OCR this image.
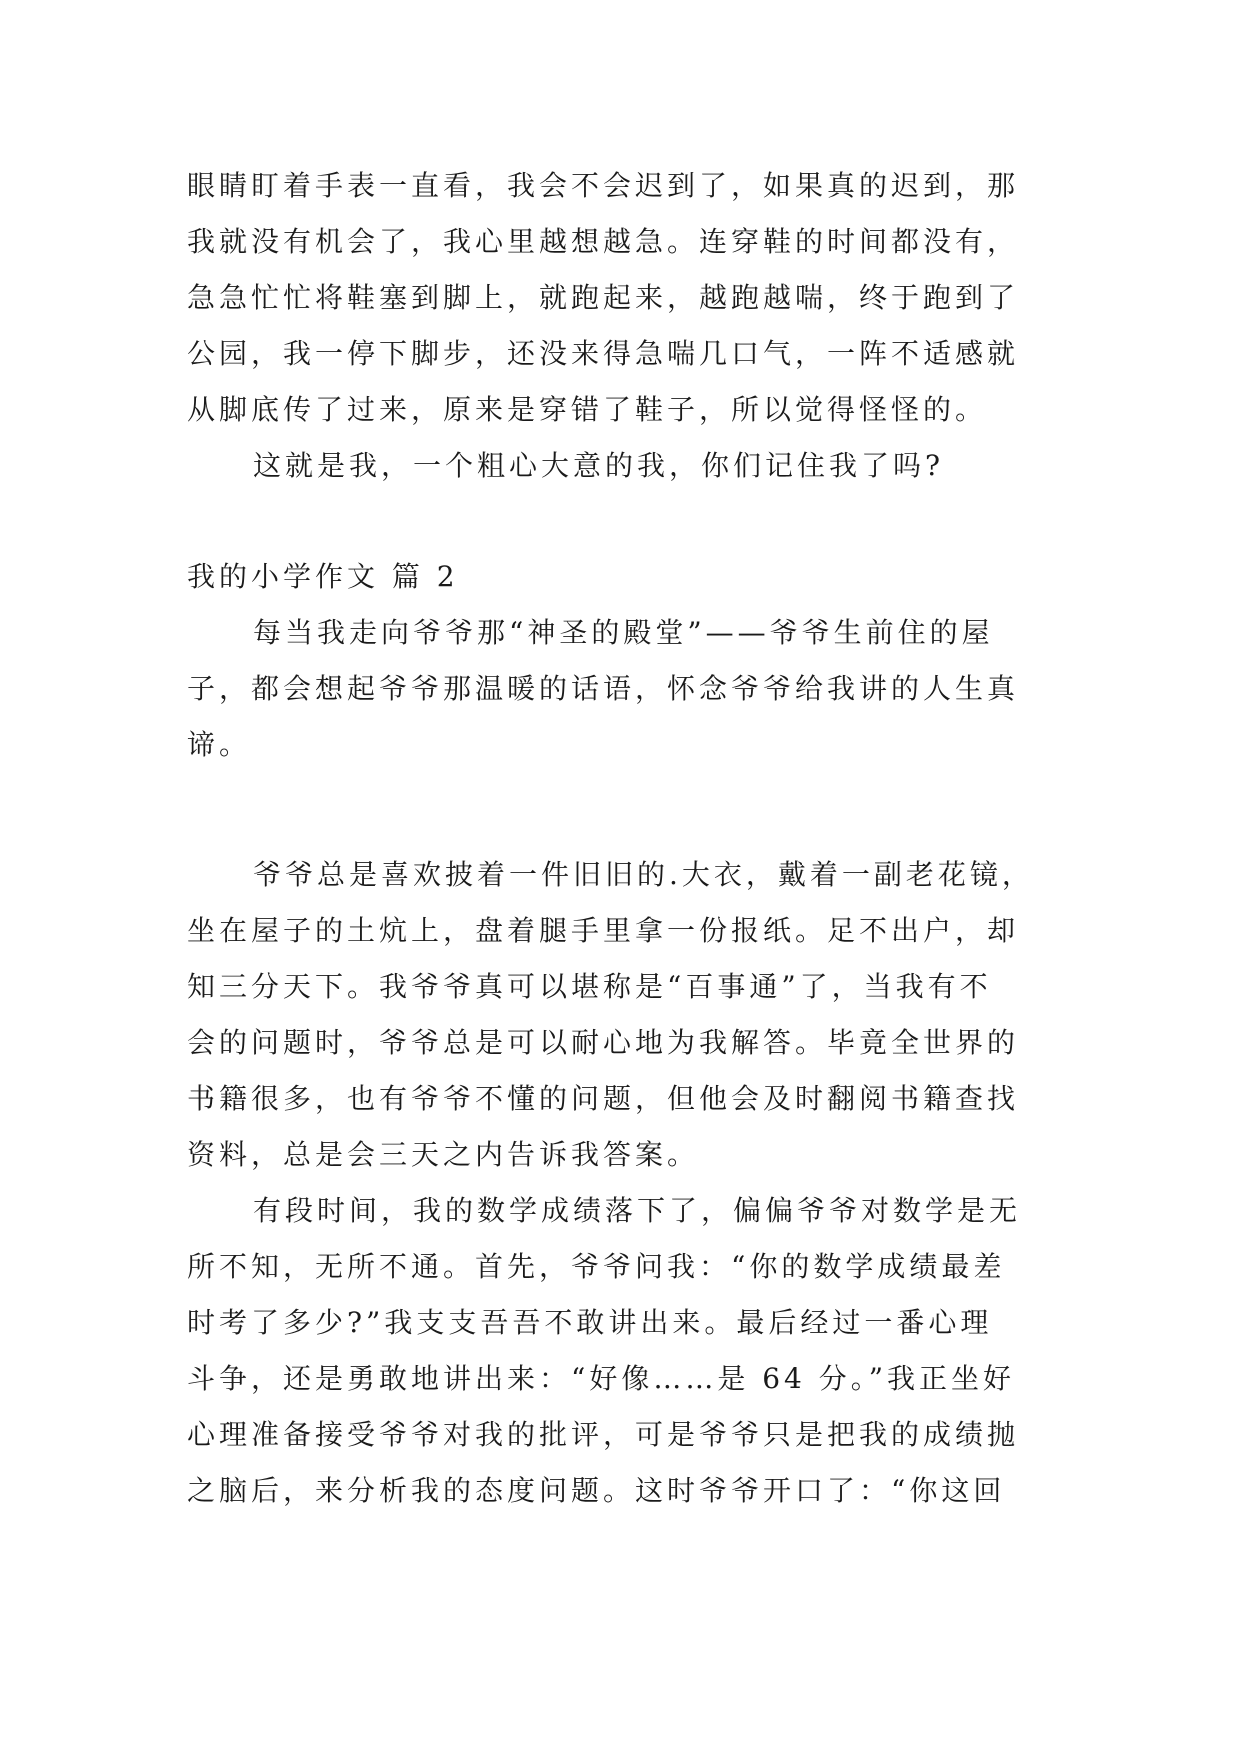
眼睛盯着手表一直看，我会不会迟到了，如果真的迟到，那

我就没有机会了，我心里越想越急。连穿鞋的时间都没有，

急急忙忙将鞋塞到脚上，就跑起来，越跑越喘，终于跑到了

公园，我一停下脚步，还没来得急喘几口气，一阵不适感就

从脚底传了过来，原来是穿错了鞋子，所以觉得怪怪的。

这就是我，一个粗心大意的我，你们记住我了吗?

我的小学作文 篇 2

每当我走向爷爷那“神圣的殿堂”——爷爷生前住的屋

子，都会想起爷爷那温暖的话语，怀念爷爷给我讲的人生真

谛。

爷爷总是喜欢披着一件旧旧的.大衣，戴着一副老花镜，

坐在屋子的土炕上，盘着腿手里拿一份报纸。足不出户，却

知三分天下。我爷爷真可以堪称是“百事通”了，当我有不

会的问题时，爷爷总是可以耐心地为我解答。毕竟全世界的

书籍很多，也有爷爷不懂的问题，但他会及时翻阅书籍查找

资料，总是会三天之内告诉我答案。

有段时间，我的数学成绩落下了，偏偏爷爷对数学是无

所不知，无所不通。首先，爷爷问我：“你的数学成绩最差

时考了多少?”我支支吾吾不敢讲出来。最后经过一番心理

斗争，还是勇敢地讲出来：“好像……是 64 分。”我正坐好

心理准备接受爷爷对我的批评，可是爷爷只是把我的成绩抛

之脑后，来分析我的态度问题。这时爷爷开口了：“你这回
